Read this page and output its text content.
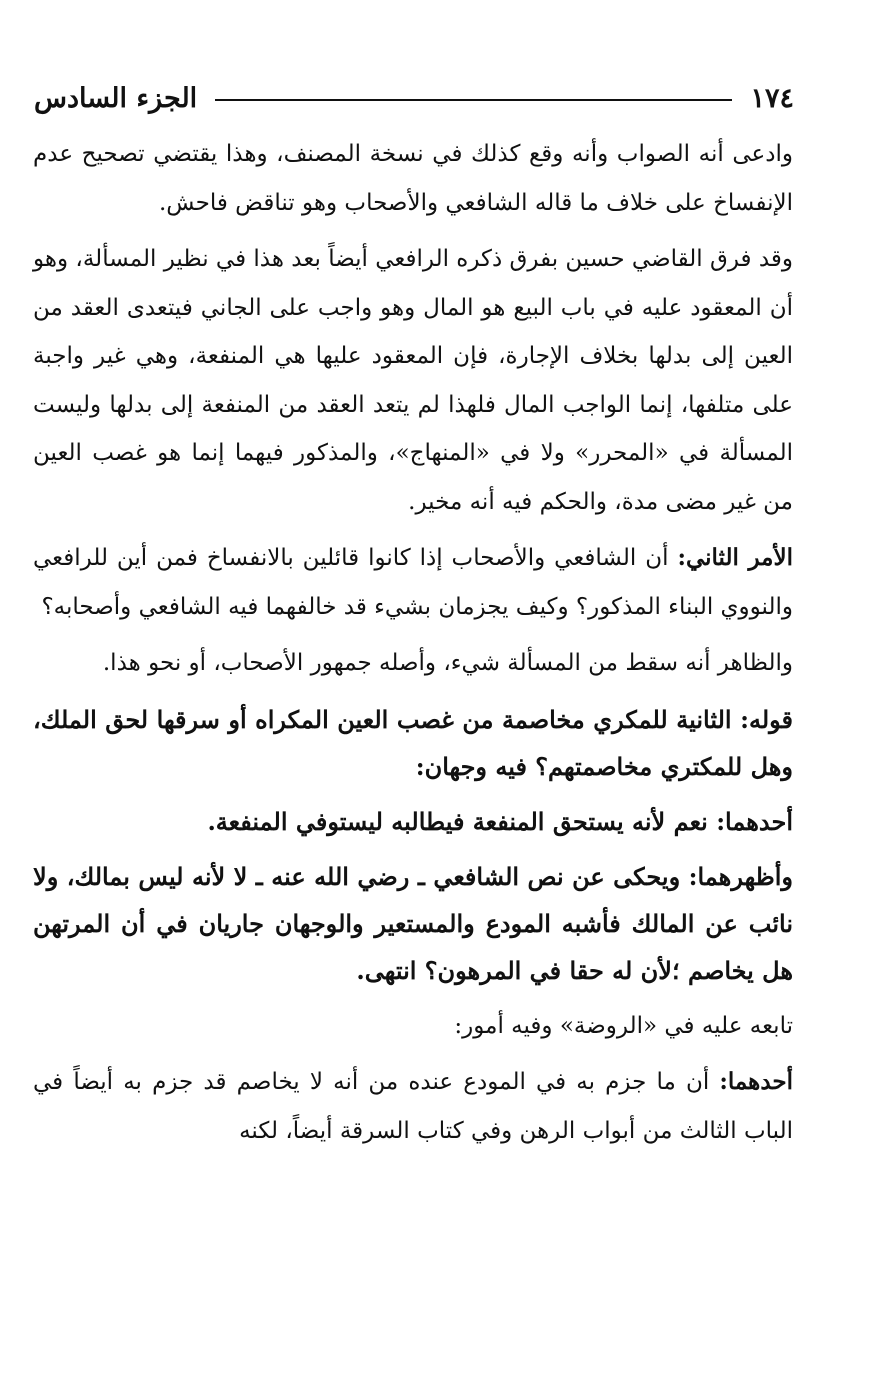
١٧٤
الجزء السادس

وادعى أنه الصواب وأنه وقع كذلك في نسخة المصنف، وهذا يقتضي تصحيح عدم الإنفساخ على خلاف ما قاله الشافعي والأصحاب وهو تناقض فاحش.

وقد فرق القاضي حسين بفرق ذكره الرافعي أيضاً بعد هذا في نظير المسألة، وهو أن المعقود عليه في باب البيع هو المال وهو واجب على الجاني فيتعدى العقد من العين إلى بدلها بخلاف الإجارة، فإن المعقود عليها هي المنفعة، وهي غير واجبة على متلفها، إنما الواجب المال فلهذا لم يتعد العقد من المنفعة إلى بدلها وليست المسألة في «المحرر» ولا في «المنهاج»، والمذكور فيهما إنما هو غصب العين من غير مضى مدة، والحكم فيه أنه مخير.

الأمر الثاني: أن الشافعي والأصحاب إذا كانوا قائلين بالانفساخ فمن أين للرافعي والنووي البناء المذكور؟ وكيف يجزمان بشيء قد خالفهما فيه الشافعي وأصحابه؟

والظاهر أنه سقط من المسألة شيء، وأصله جمهور الأصحاب، أو نحو هذا.

قوله: الثانية للمكري مخاصمة من غصب العين المكراه أو سرقها لحق الملك، وهل للمكتري مخاصمتهم؟ فيه وجهان:

أحدهما: نعم لأنه يستحق المنفعة فيطالبه ليستوفي المنفعة.

وأظهرهما: ويحكى عن نص الشافعي ـ رضي الله عنه ـ لا لأنه ليس بمالك، ولا نائب عن المالك فأشبه المودع والمستعير والوجهان جاريان في أن المرتهن هل يخاصم ؛لأن له حقا في المرهون؟ انتهى.

تابعه عليه في «الروضة» وفيه أمور:

أحدهما: أن ما جزم به في المودع عنده من أنه لا يخاصم قد جزم به أيضاً في الباب الثالث من أبواب الرهن وفي كتاب السرقة أيضاً، لكنه
